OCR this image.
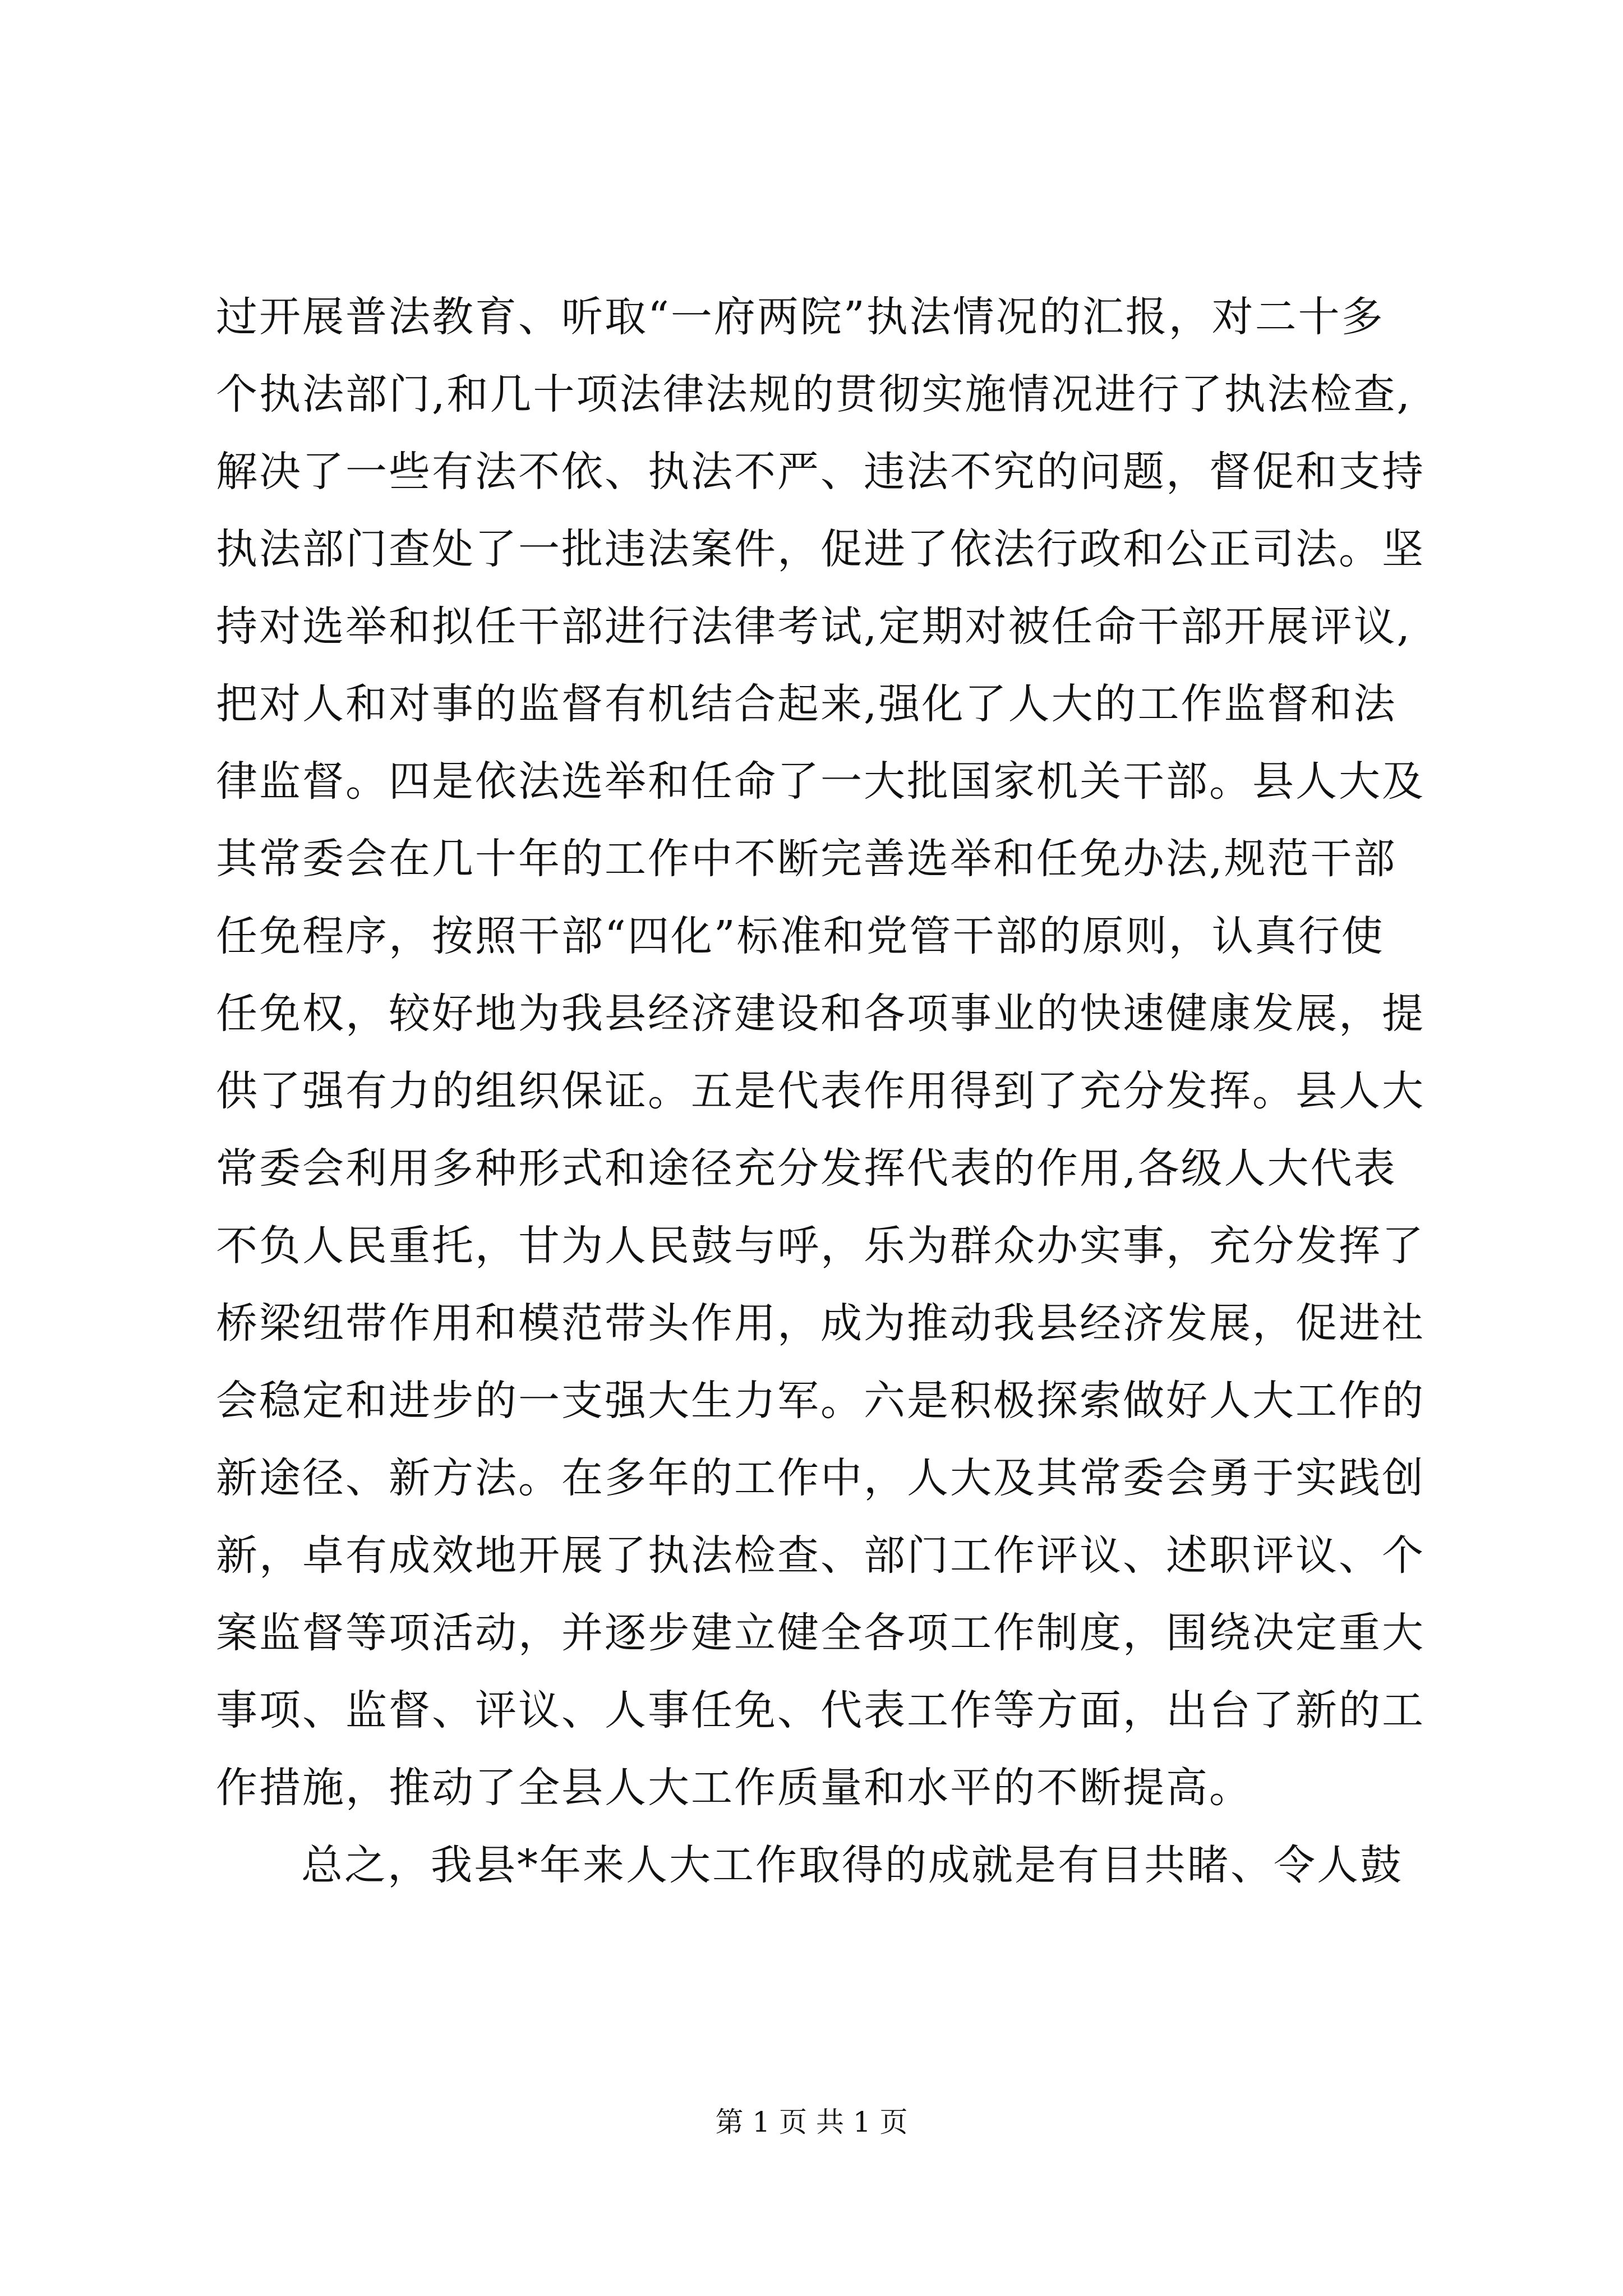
过开展普法教育、听取“一府两院”执法情况的汇报，对二十多
个执法部门,和几十项法律法规的贯彻实施情况进行了执法检查,
解决了一些有法不依、执法不严、违法不究的问题，督促和支持
执法部门查处了一批违法案件，促进了依法行政和公正司法。坚
持对选举和拟任干部进行法律考试,定期对被任命干部开展评议,
把对人和对事的监督有机结合起来,强化了人大的工作监督和法
律监督。四是依法选举和任命了一大批国家机关干部。县人大及
其常委会在几十年的工作中不断完善选举和任免办法,规范干部
任免程序，按照干部“四化”标准和党管干部的原则，认真行使
任免权，较好地为我县经济建设和各项事业的快速健康发展，提
供了强有力的组织保证。五是代表作用得到了充分发挥。县人大
常委会利用多种形式和途径充分发挥代表的作用,各级人大代表
不负人民重托，甘为人民鼓与呼，乐为群众办实事，充分发挥了
桥梁纽带作用和模范带头作用，成为推动我县经济发展，促进社
会稳定和进步的一支强大生力军。六是积极探索做好人大工作的
新途径、新方法。在多年的工作中，人大及其常委会勇于实践创
新，卓有成效地开展了执法检查、部门工作评议、述职评议、个
案监督等项活动，并逐步建立健全各项工作制度，围绕决定重大
事项、监督、评议、人事任免、代表工作等方面，出台了新的工
作措施，推动了全县人大工作质量和水平的不断提高。
总之，我县*年来人大工作取得的成就是有目共睹、令人鼓
第 1 页 共 1 页
